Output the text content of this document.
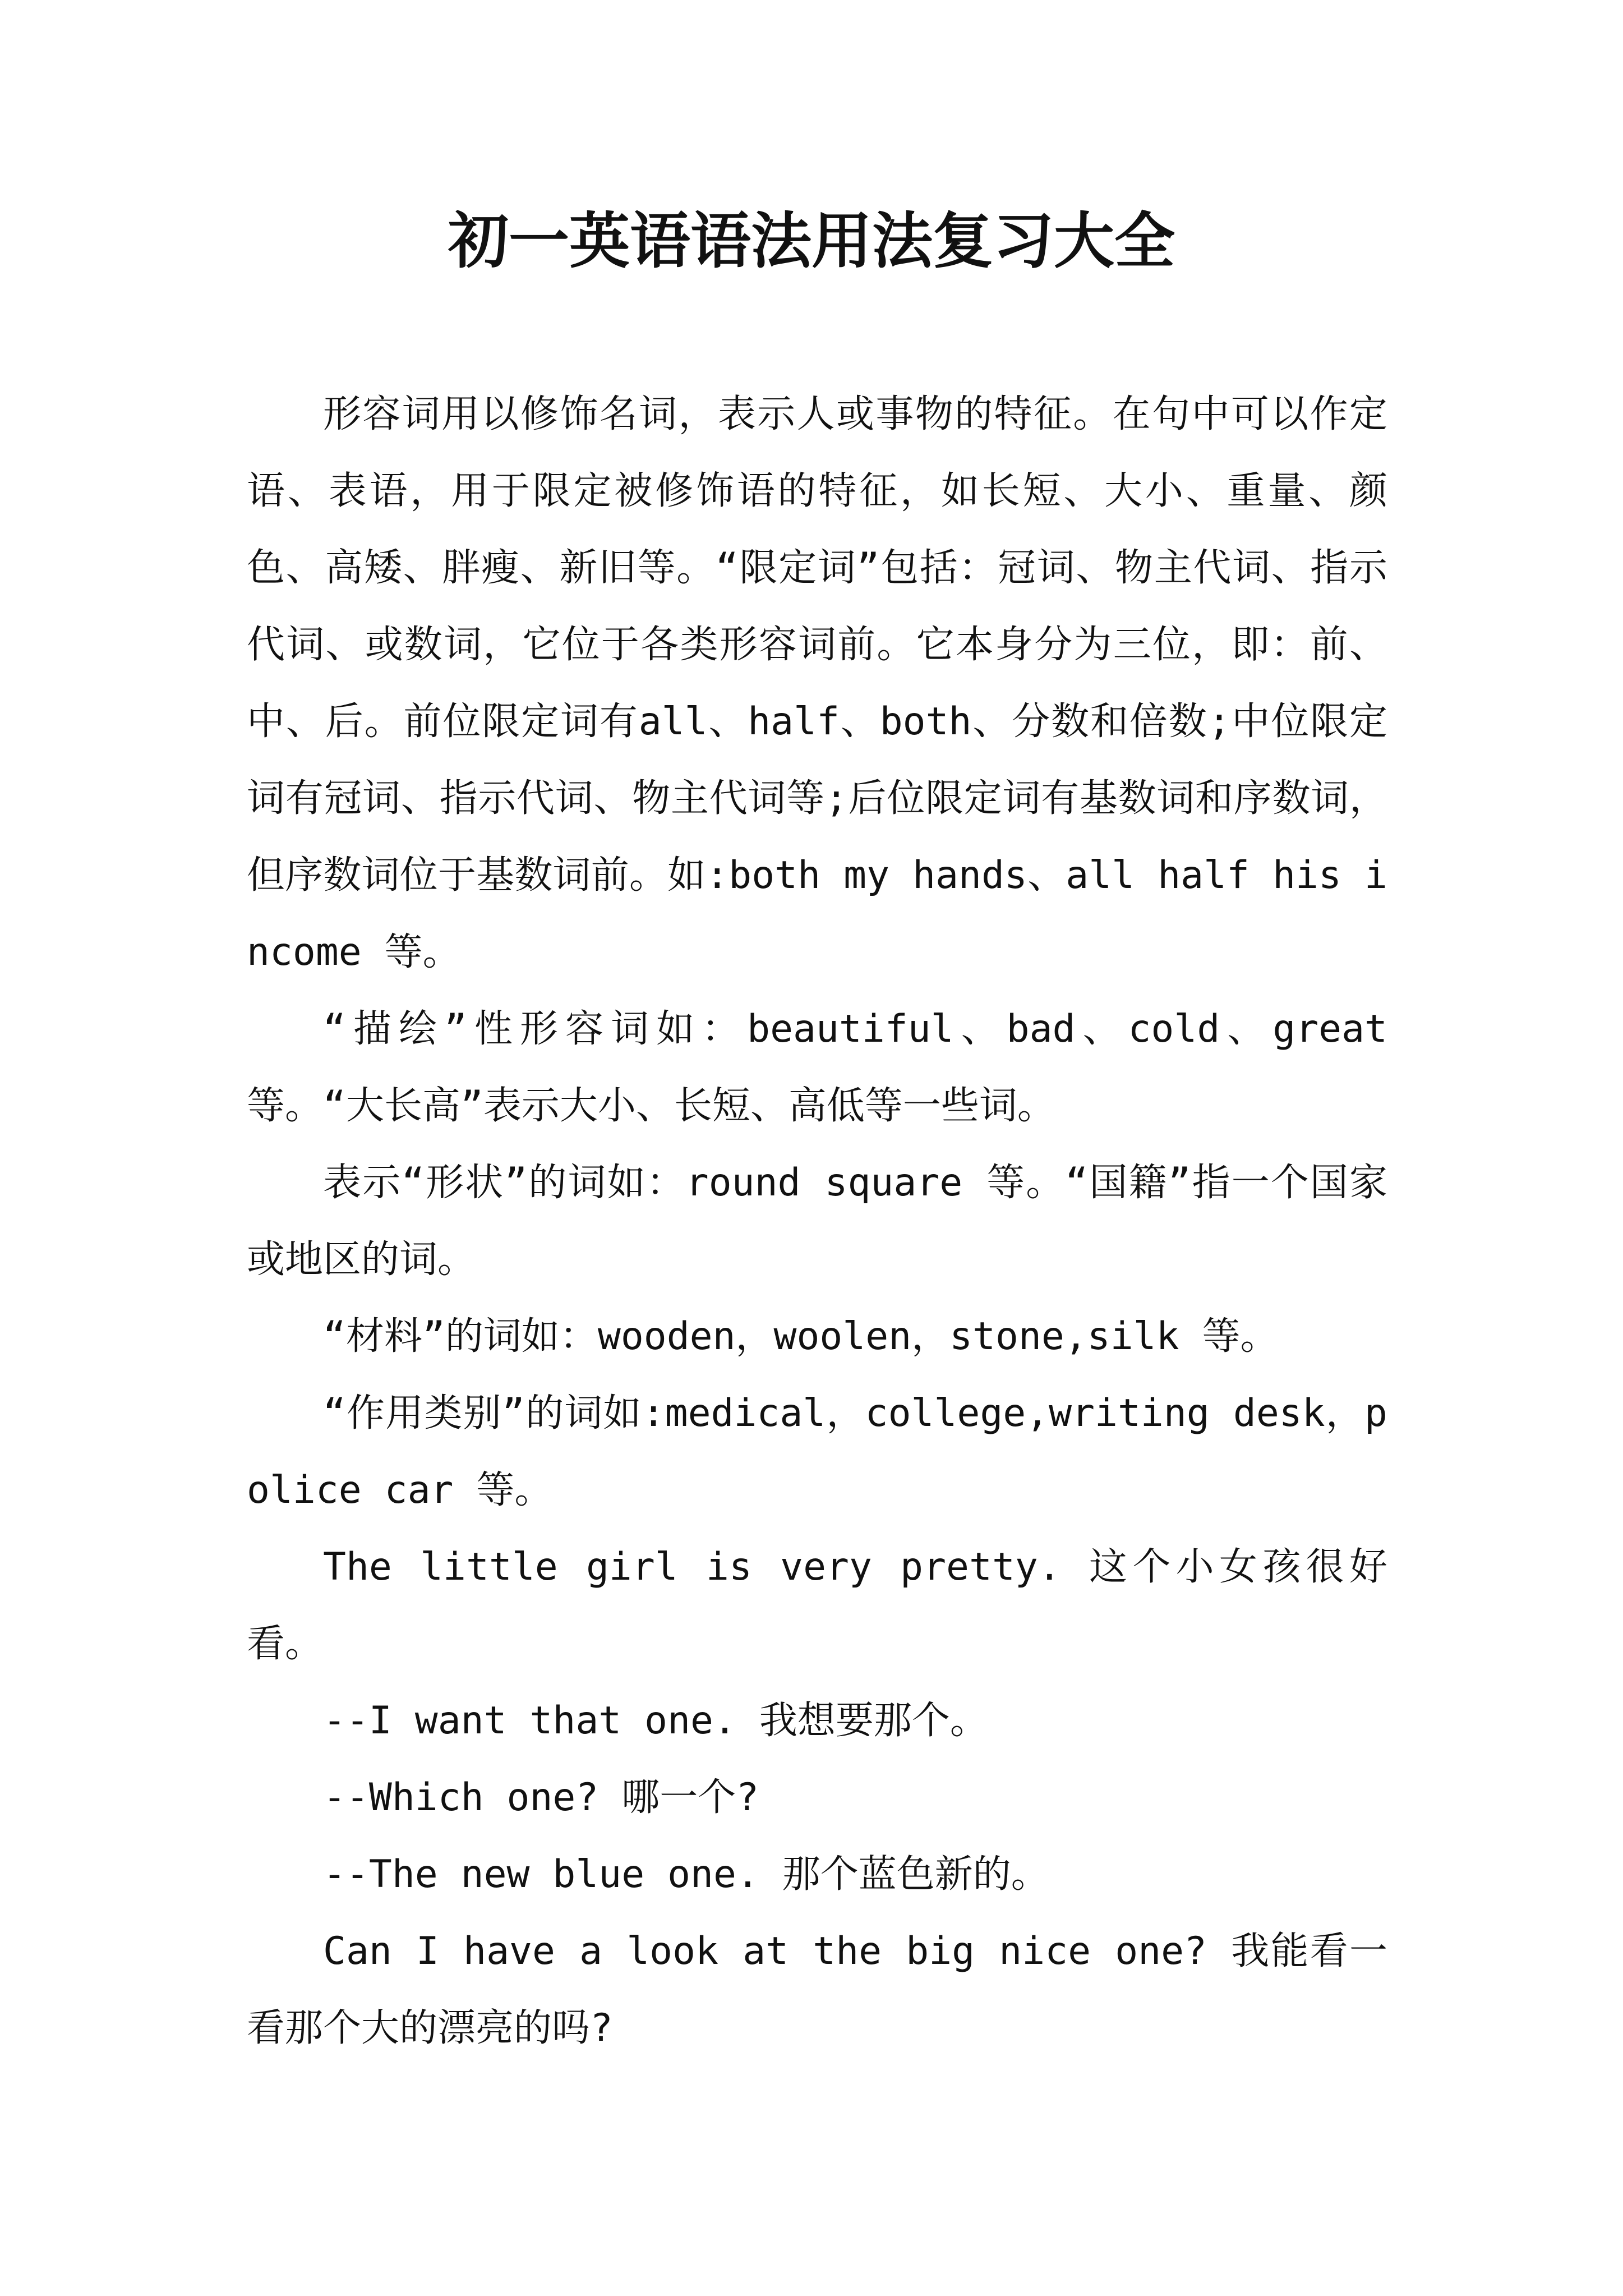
初一英语语法用法复习大全

形容词用以修饰名词，表示人或事物的特征。在句中可以作定语、表语，用于限定被修饰语的特征，如长短、大小、重量、颜色、高矮、胖瘦、新旧等。“限定词”包括：冠词、物主代词、指示代词、或数词，它位于各类形容词前。它本身分为三位，即：前、中、后。前位限定词有all、half、both、分数和倍数;中位限定词有冠词、指示代词、物主代词等;后位限定词有基数词和序数词，但序数词位于基数词前。如:both my hands、all half his income 等。

“描绘”性形容词如：beautiful、bad、cold、great等。“大长高”表示大小、长短、高低等一些词。

表示“形状”的词如：round square 等。“国籍”指一个国家或地区的词。

“材料”的词如：wooden，woolen，stone,silk 等。

“作用类别”的词如:medical，college,writing desk，police car 等。

The little girl is very pretty. 这个小女孩很好看。

--I want that one. 我想要那个。

--Which one? 哪一个?

--The new blue one. 那个蓝色新的。

Can I have a look at the big nice one? 我能看一看那个大的漂亮的吗?
